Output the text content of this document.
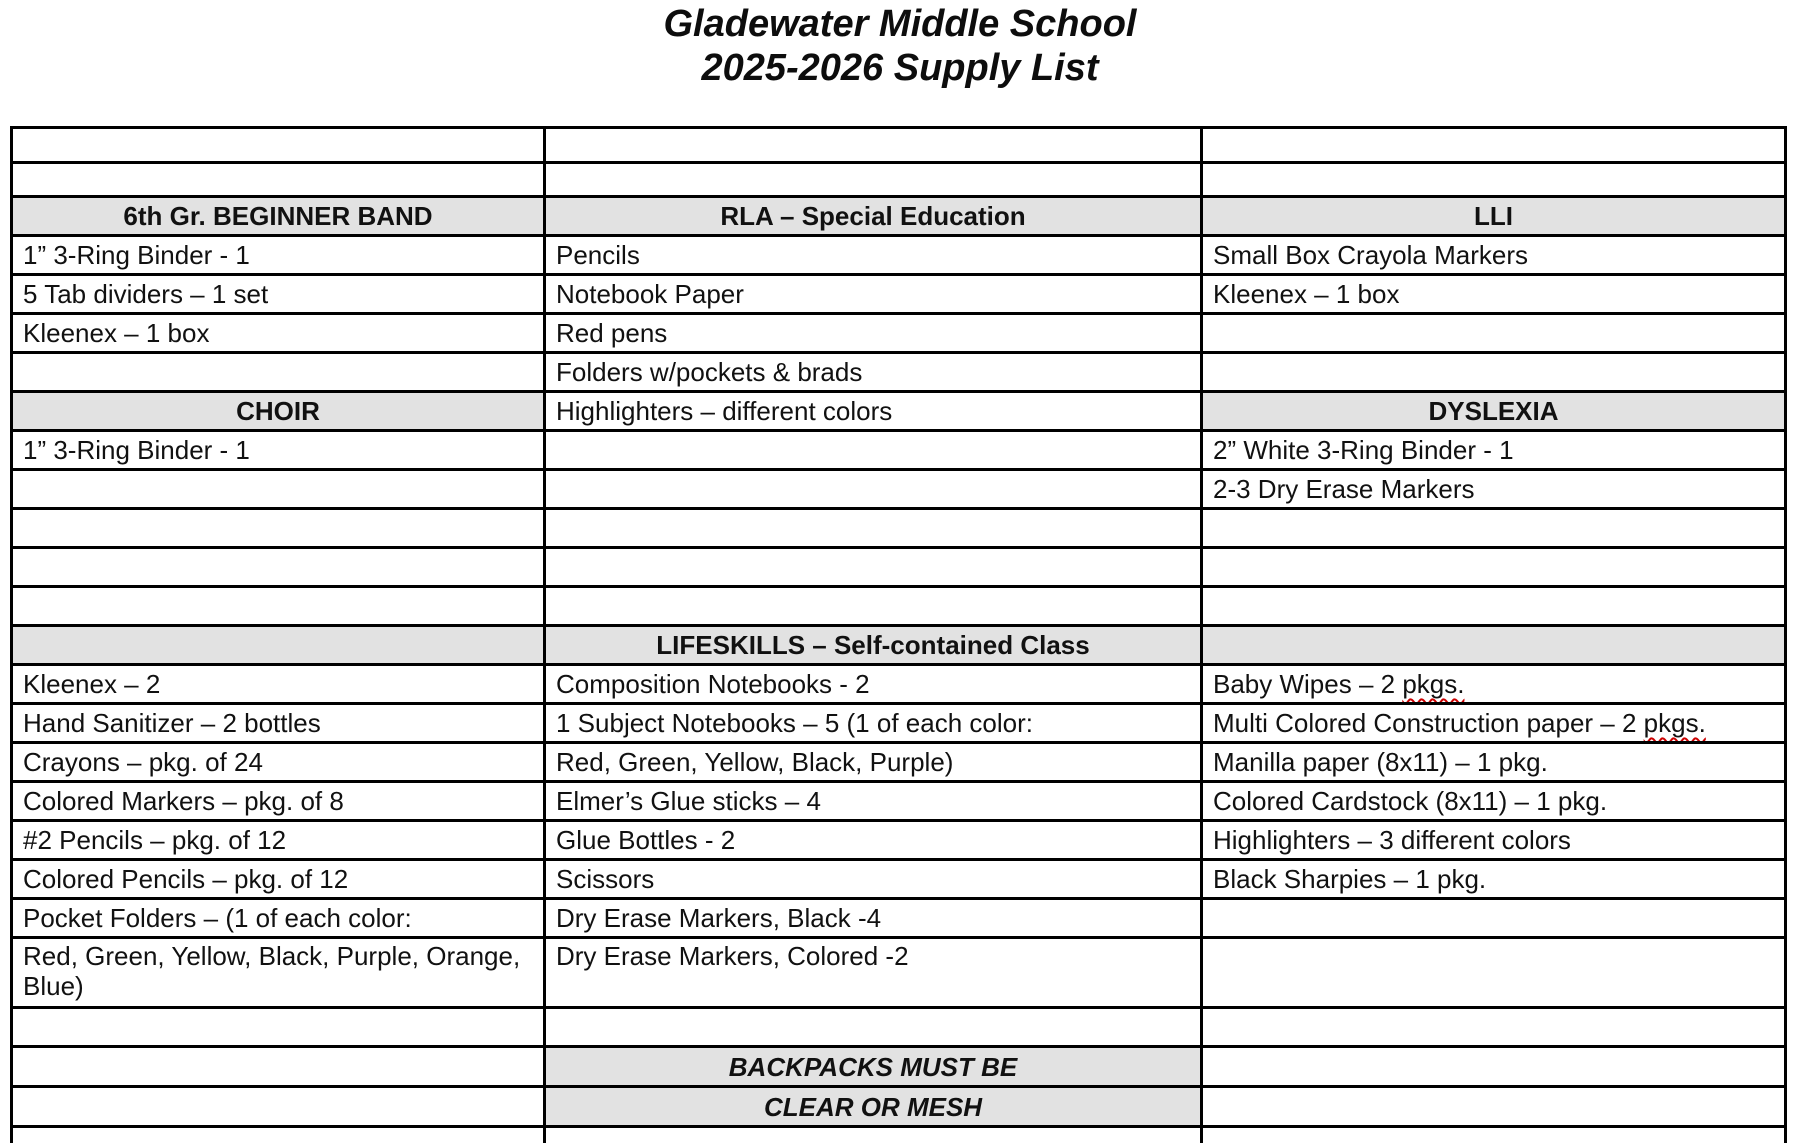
Gladewater Middle School
2025-2026 Supply List

6th Gr. BEGINNER BAND	RLA – Special Education	LLI
1” 3-Ring Binder - 1	Pencils	Small Box Crayola Markers
5 Tab dividers – 1 set	Notebook Paper	Kleenex – 1 box
Kleenex – 1 box	Red pens	
	Folders w/pockets & brads	
CHOIR	Highlighters – different colors	DYSLEXIA
1” 3-Ring Binder - 1		2” White 3-Ring Binder - 1
		2-3 Dry Erase Markers

	LIFESKILLS – Self-contained Class	
Kleenex – 2	Composition Notebooks - 2	Baby Wipes – 2 pkgs.
Hand Sanitizer – 2 bottles	1 Subject Notebooks – 5 (1 of each color:	Multi Colored Construction paper – 2 pkgs.
Crayons – pkg. of 24	Red, Green, Yellow, Black, Purple)	Manilla paper (8x11) – 1 pkg.
Colored Markers – pkg. of 8	Elmer’s Glue sticks – 4	Colored Cardstock (8x11) – 1 pkg.
#2 Pencils – pkg. of 12	Glue Bottles - 2	Highlighters – 3 different colors
Colored Pencils – pkg. of 12	Scissors	Black Sharpies – 1 pkg.
Pocket Folders – (1 of each color:	Dry Erase Markers, Black -4	
Red, Green, Yellow, Black, Purple, Orange, Blue)	Dry Erase Markers, Colored -2	

	BACKPACKS MUST BE	
	CLEAR OR MESH	
